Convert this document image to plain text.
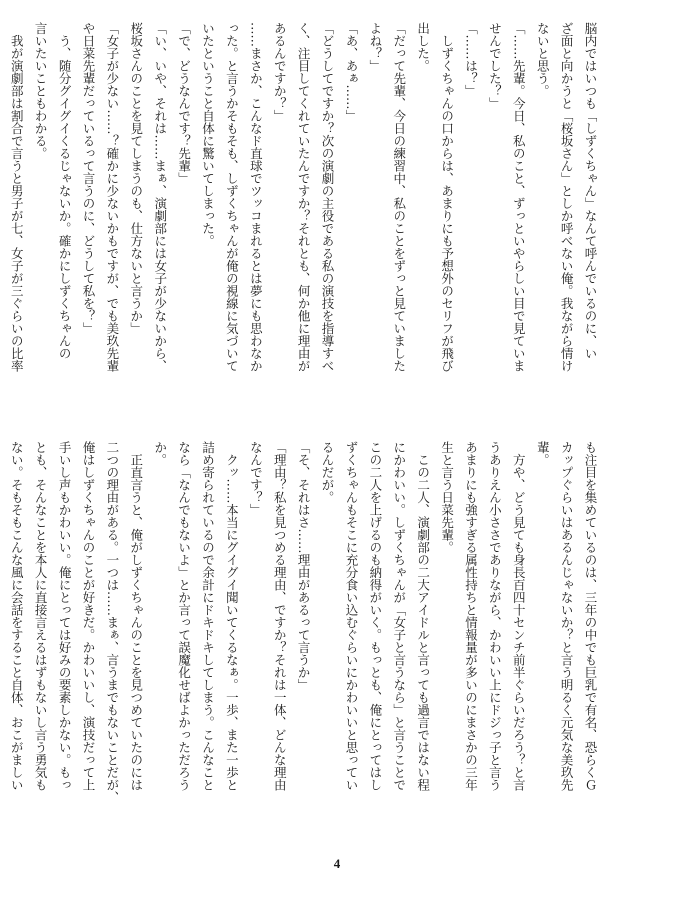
脳内ではいつも「しずくちゃん」なんて呼んでいるのに、い
ざ面と向かうと「桜坂さん」としか呼べない俺。我ながら情け
ないと思う。
「……先輩。今日、私のこと、ずっといやらしい目で見ていま
せんでした？」
「……は？」
　しずくちゃんの口からは、あまりにも予想外のセリフが飛び
出した。
「だって先輩、今日の練習中、私のことをずっと見ていました
よね？」
「あ、あぁ……」
「どうしてですか？次の演劇の主役である私の演技を指導すべ
く、注目してくれていたんですか？それとも、何か他に理由が
あるんですか？」
……まさか、こんなド直球でツッコまれるとは夢にも思わなか
った。と言うかそもそも、しずくちゃんが俺の視線に気づいて
いたということ自体に驚いてしまった。
「で、どうなんです？先輩」
「い、いや、それは……まぁ、演劇部には女子が少ないから、
桜坂さんのことを見てしまうのも、仕方ないと言うか」
「女子が少ない……？確かに少ないかもですが、でも美玖先輩
や日菜先輩だっているって言うのに、どうして私を？」
　う、随分グイグイくるじゃないか。確かにしずくちゃんの
言いたいこともわかる。
　我が演劇部は割合で言うと男子が七、女子が三ぐらいの比率
も注目を集めているのは、三年の中でも巨乳で有名、恐らくＧ
カップぐらいはあるんじゃないか？と言う明るく元気な美玖先
輩。
　方や、どう見ても身長百四十センチ前半ぐらいだろう？と言
うありえん小ささでありながら、かわいい上にドジっ子と言う
あまりにも強すぎる属性持ちと情報量が多いのにまさかの三年
生と言う日菜先輩。
　この二人、演劇部の二大アイドルと言っても過言ではない程
にかわいい。しずくちゃんが「女子と言うなら」と言うことで
この二人を上げるのも納得がいく。もっとも、俺にとってはし
ずくちゃんもそこに充分食い込むぐらいにかわいいと思ってい
るんだが。
「そ、それはさ……理由があるって言うか」
「理由？私を見つめる理由、ですか？それは一体、どんな理由
なんです？」
　クッ……本当にグイグイ聞いてくるなぁ。一歩、また一歩と
詰め寄られているので余計にドキドキしてしまう。こんなこと
なら「なんでもないよ」とか言って誤魔化せばよかっただろう
か。
　正直言うと、俺がしずくちゃんのことを見つめていたのには
二つの理由がある。一つは……まぁ、言うまでもないことだが、
俺はしずくちゃんのことが好きだ。かわいいし、演技だって上
手いし声もかわいい。俺にとっては好みの要素しかない。もっ
とも、そんなことを本人に直接言えるはずもないし言う勇気も
ない。そもそもこんな風に会話をすること自体、おこがましい
4
